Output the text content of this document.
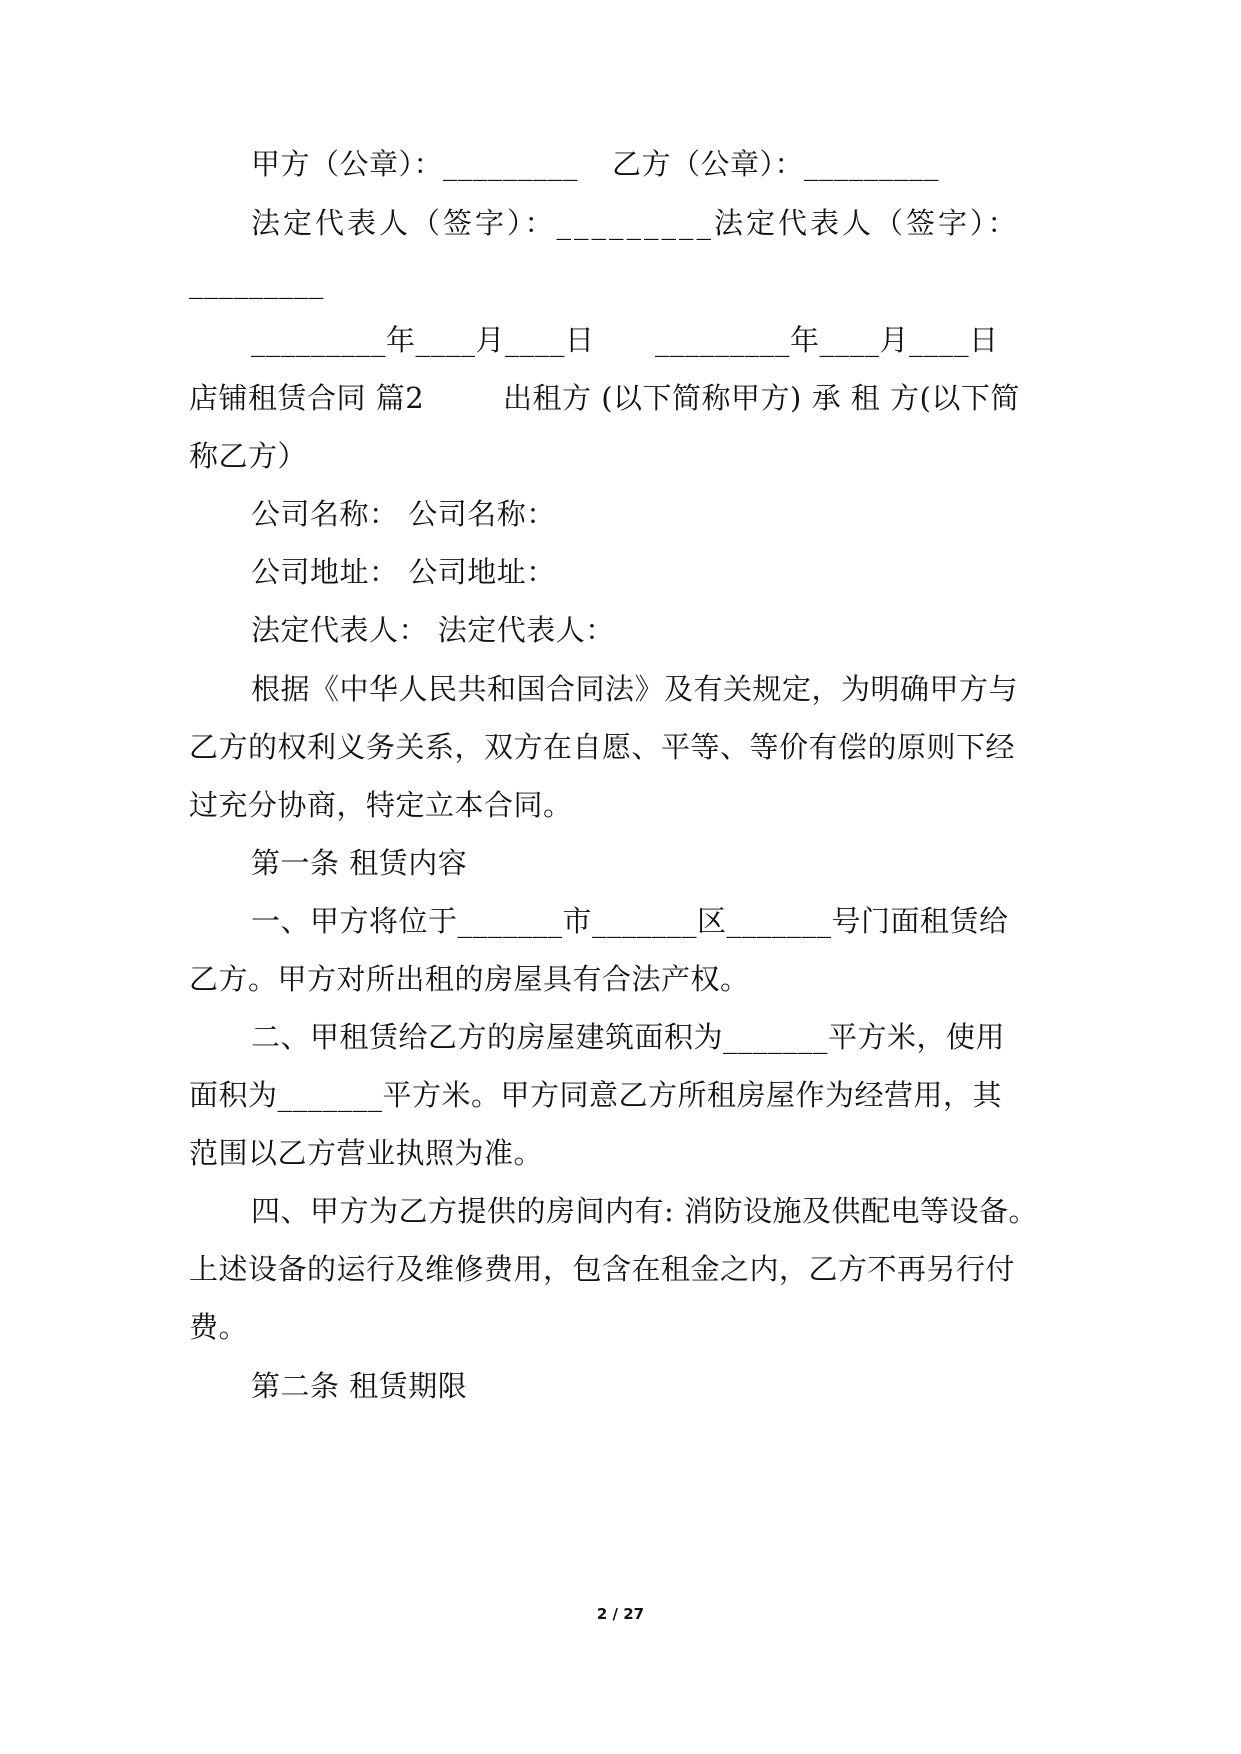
甲方（公章）：_________ 乙方（公章）：_________
法定代表人（签字）：_________法定代表人（签字）：
_________
_________年____月____日 _________年____月____日
店铺租赁合同 篇2	出租方 (以下简称甲方) 承 租 方(以下简
称乙方）
公司名称： 公司名称：
公司地址： 公司地址：
法定代表人： 法定代表人：
根据《中华人民共和国合同法》及有关规定，为明确甲方与
乙方的权利义务关系，双方在自愿、平等、等价有偿的原则下经
过充分协商，特定立本合同。
第一条 租赁内容
一、甲方将位于_______市_______区_______号门面租赁给
乙方。甲方对所出租的房屋具有合法产权。
二、甲租赁给乙方的房屋建筑面积为_______平方米，使用
面积为_______平方米。甲方同意乙方所租房屋作为经营用，其
范围以乙方营业执照为准。
四、甲方为乙方提供的房间内有: 消防设施及供配电等设备。
上述设备的运行及维修费用，包含在租金之内，乙方不再另行付
费。
第二条 租赁期限
2 / 27
